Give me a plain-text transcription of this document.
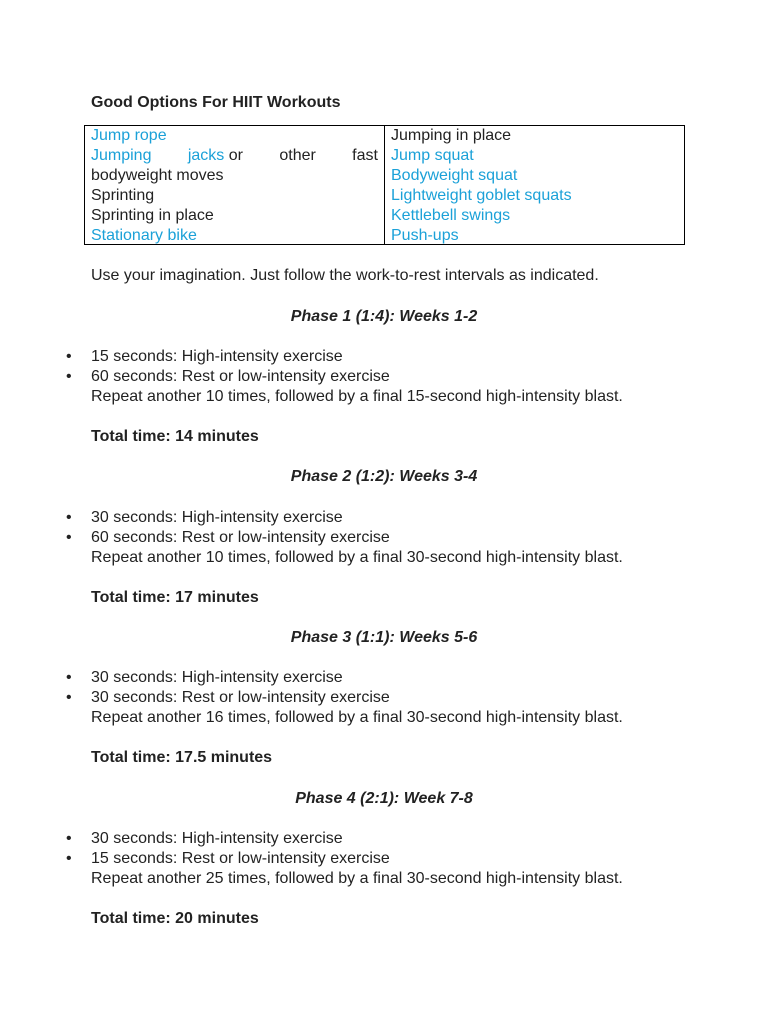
Good Options For HIIT Workouts
Jump rope
Jumping jacks or other fast
bodyweight moves
Sprinting
Sprinting in place
Stationary bike
Jumping in place
Jump squat
Bodyweight squat
Lightweight goblet squats
Kettlebell swings
Push-ups
Use your imagination. Just follow the work-to-rest intervals as indicated.
Phase 1 (1:4): Weeks 1-2
• 15 seconds: High-intensity exercise
• 60 seconds: Rest or low-intensity exercise
Repeat another 10 times, followed by a final 15-second high-intensity blast.
Total time: 14 minutes
Phase 2 (1:2): Weeks 3-4
• 30 seconds: High-intensity exercise
• 60 seconds: Rest or low-intensity exercise
Repeat another 10 times, followed by a final 30-second high-intensity blast.
Total time: 17 minutes
Phase 3 (1:1): Weeks 5-6
• 30 seconds: High-intensity exercise
• 30 seconds: Rest or low-intensity exercise
Repeat another 16 times, followed by a final 30-second high-intensity blast.
Total time: 17.5 minutes
Phase 4 (2:1): Week 7-8
• 30 seconds: High-intensity exercise
• 15 seconds: Rest or low-intensity exercise
Repeat another 25 times, followed by a final 30-second high-intensity blast.
Total time: 20 minutes
